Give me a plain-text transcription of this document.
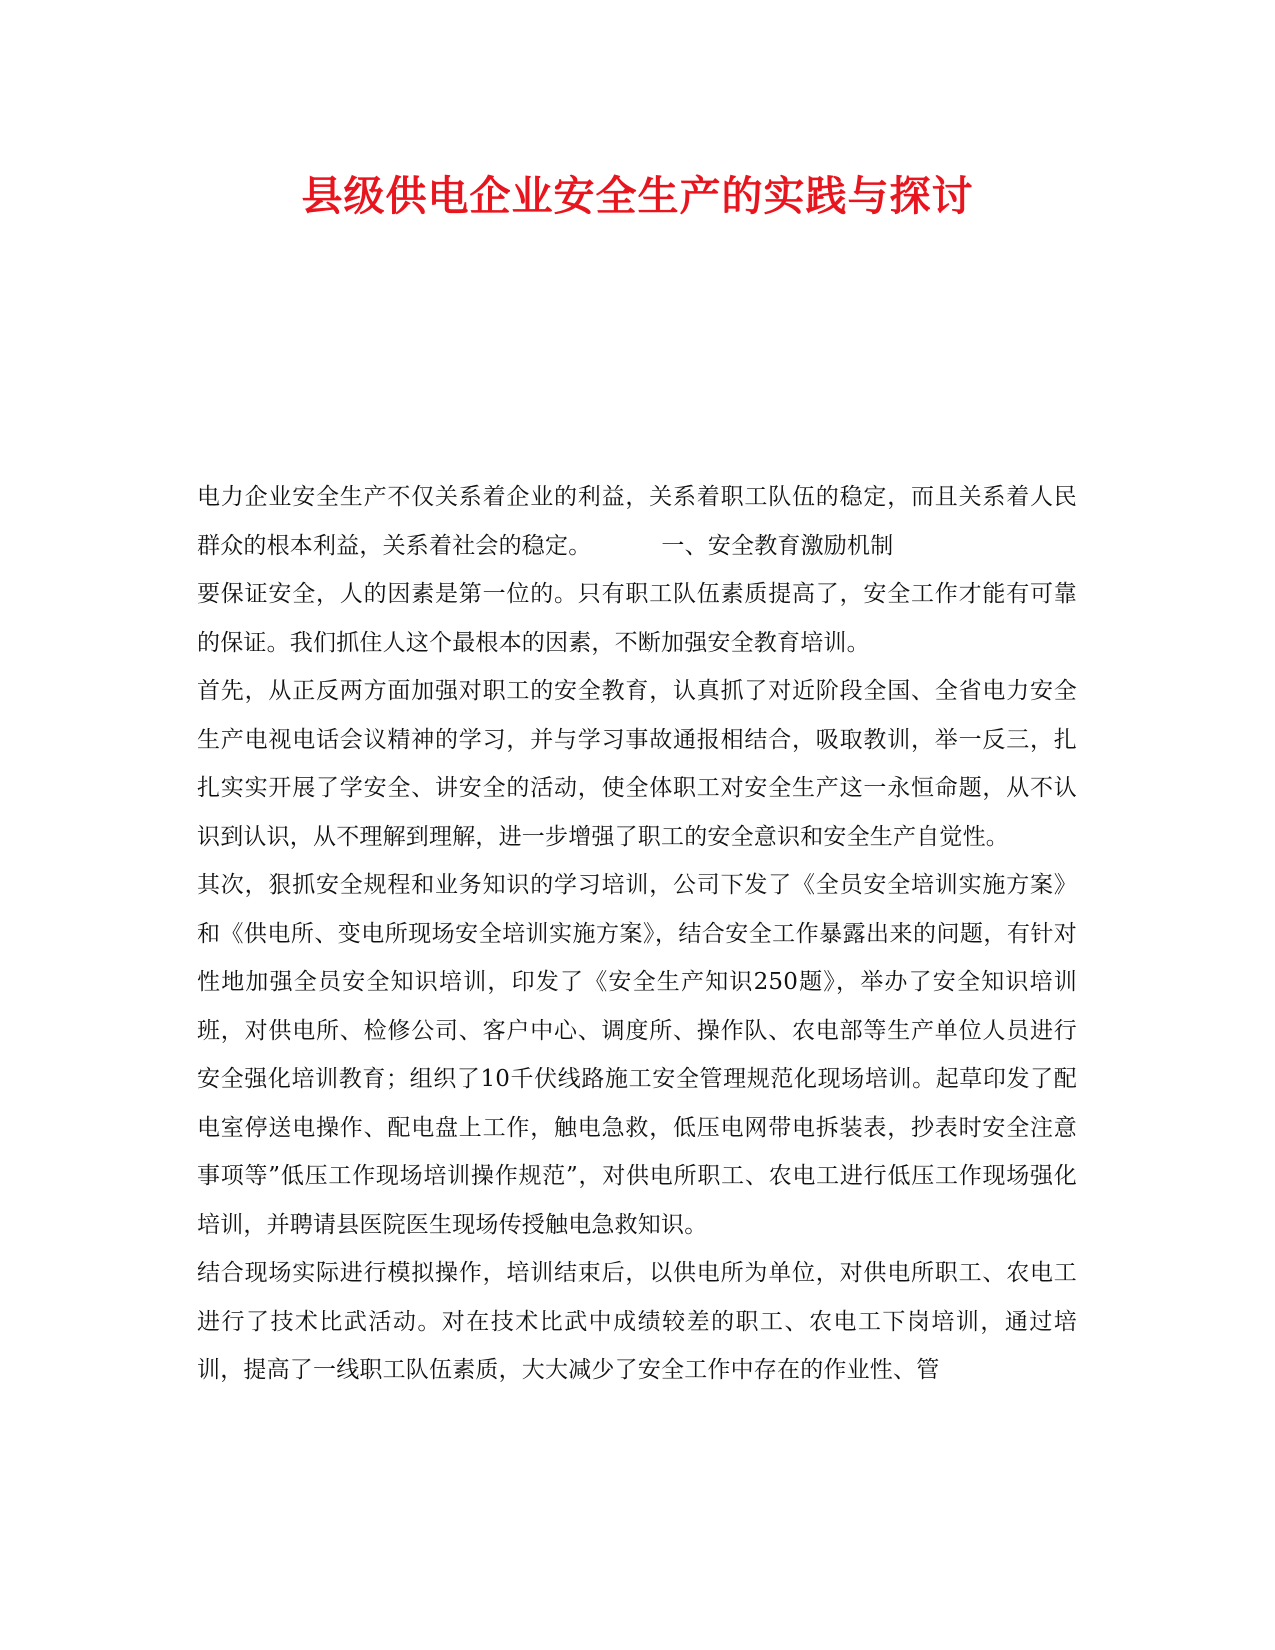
县级供电企业安全生产的实践与探讨

电力企业安全生产不仅关系着企业的利益，关系着职工队伍的稳定，而且关系着人民群众的根本利益，关系着社会的稳定。	一、安全教育激励机制

要保证安全，人的因素是第一位的。只有职工队伍素质提高了，安全工作才能有可靠的保证。我们抓住人这个最根本的因素，不断加强安全教育培训。

首先，从正反两方面加强对职工的安全教育，认真抓了对近阶段全国、全省电力安全生产电视电话会议精神的学习，并与学习事故通报相结合，吸取教训，举一反三，扎扎实实开展了学安全、讲安全的活动，使全体职工对安全生产这一永恒命题，从不认识到认识，从不理解到理解，进一步增强了职工的安全意识和安全生产自觉性。

其次，狠抓安全规程和业务知识的学习培训，公司下发了《全员安全培训实施方案》和《供电所、变电所现场安全培训实施方案》，结合安全工作暴露出来的问题，有针对性地加强全员安全知识培训，印发了《安全生产知识250题》，举办了安全知识培训班，对供电所、检修公司、客户中心、调度所、操作队、农电部等生产单位人员进行安全强化培训教育；组织了10千伏线路施工安全管理规范化现场培训。起草印发了配电室停送电操作、配电盘上工作，触电急救，低压电网带电拆装表，抄表时安全注意事项等”低压工作现场培训操作规范”，对供电所职工、农电工进行低压工作现场强化培训，并聘请县医院医生现场传授触电急救知识。

结合现场实际进行模拟操作，培训结束后，以供电所为单位，对供电所职工、农电工进行了技术比武活动。对在技术比武中成绩较差的职工、农电工下岗培训，通过培训，提高了一线职工队伍素质，大大减少了安全工作中存在的作业性、管
